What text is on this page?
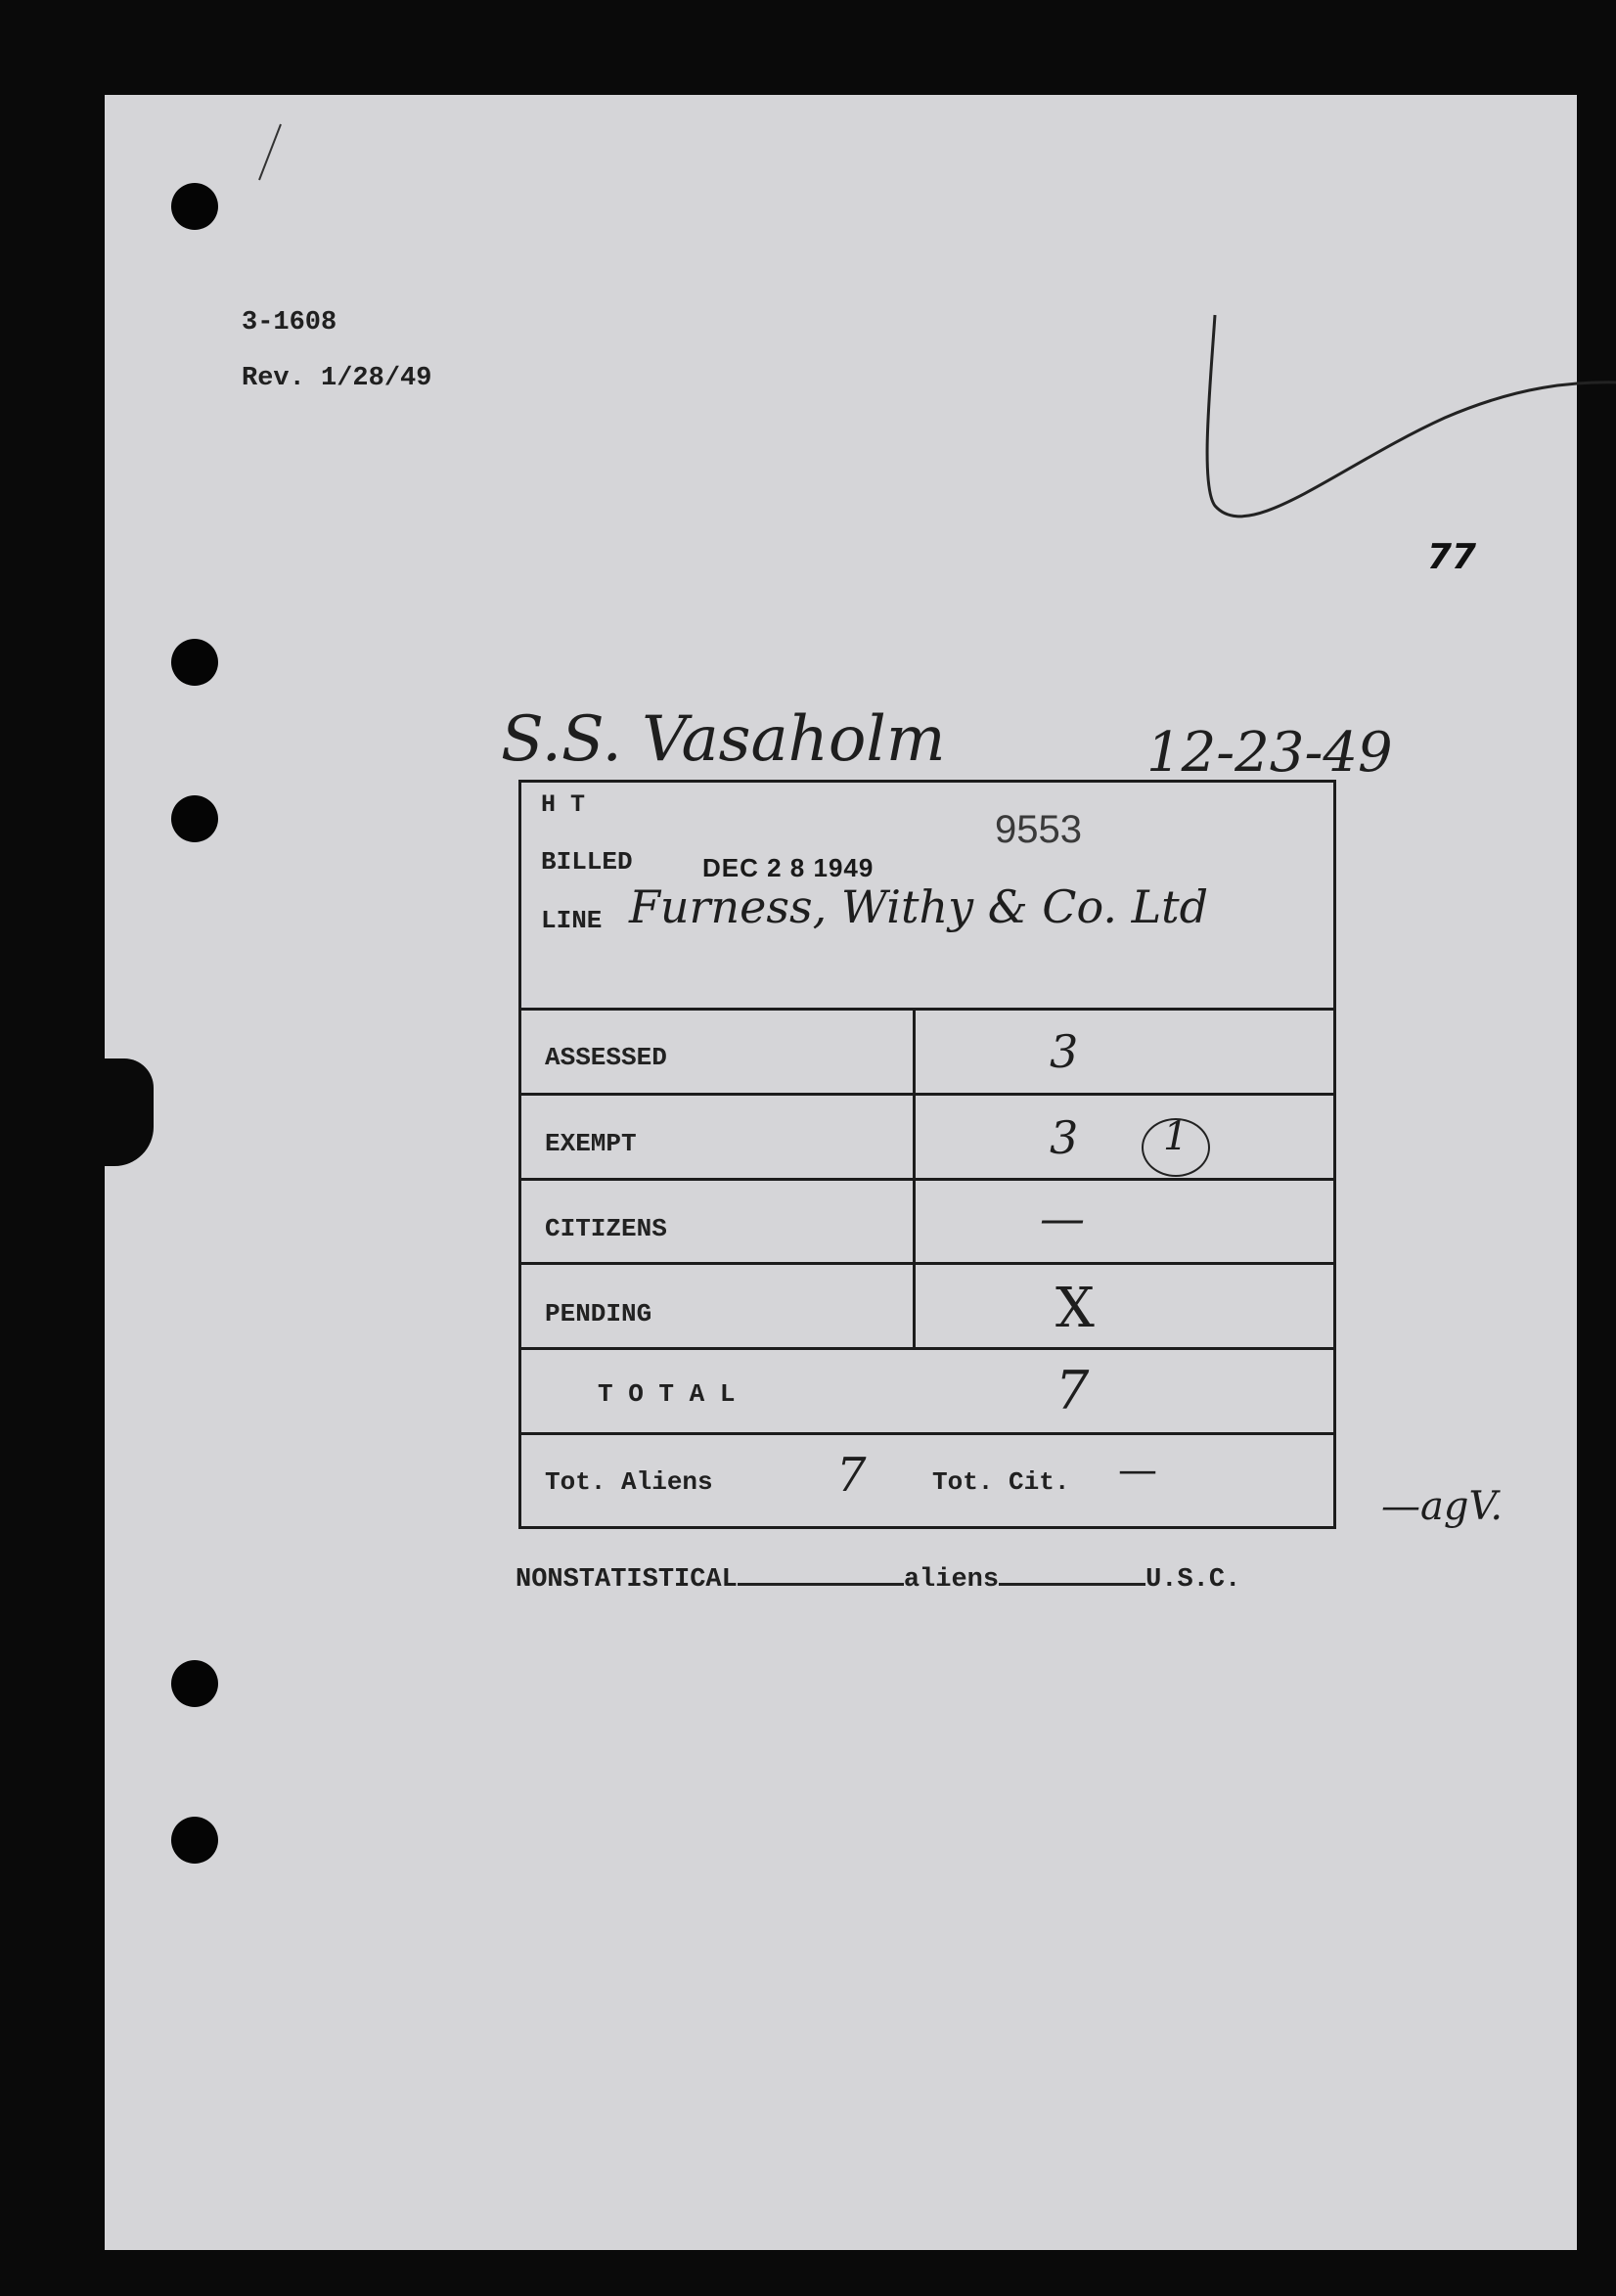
3-1608
Rev. 1/28/49
77
S.S. Vasaholm	12-23-49
H T
9553
BILLED	DEC 2 8 1949
LINE Furness, Withy & Co. Ltd
ASSESSED	3
EXEMPT	3 1
CITIZENS	—
PENDING	X
T O T A L	7
Tot. Aliens	7	Tot. Cit. —
—agV.
NONSTATISTICAL	aliens	U.S.C.
